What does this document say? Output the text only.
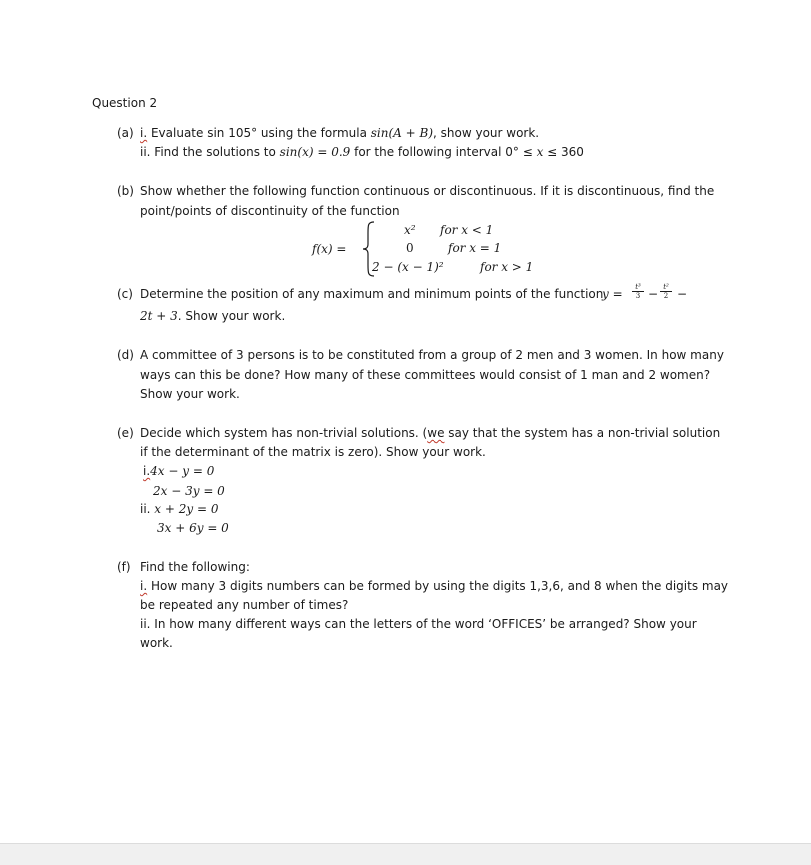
Question 2
(a) i. Evaluate sin 105° using the formula sin(A + B), show your work.
ii. Find the solutions to sin(x) = 0.9 for the following interval 0° ≤ x ≤ 360
(b) Show whether the following function continuous or discontinuous. If it is discontinuous, find the
point/points of discontinuity of the function
f(x) =
x² for x < 1
0	for x = 1
2 − (x − 1)²	for x > 1
(c) Determine the position of any maximum and minimum points of the function
$y = \frac{\text{t³}}{3} - \frac{\text{t²}}{2}$ −
2t + 3. Show your work.
(d) A committee of 3 persons is to be constituted from a group of 2 men and 3 women. In how many
ways can this be done? How many of these committees would consist of 1 man and 2 women?
Show your work.
(e) Decide which system has non-trivial solutions. (we say that the system has a non-trivial solution
if the determinant of the matrix is zero). Show your work.
i.4x − y = 0
2x − 3y = 0
ii. x + 2y = 0
3x + 6y = 0
(f) Find the following:
i. How many 3 digits numbers can be formed by using the digits 1,3,6, and 8 when the digits may
be repeated any number of times?
ii. In how many different ways can the letters of the word ‘OFFICES’ be arranged? Show your
work.
